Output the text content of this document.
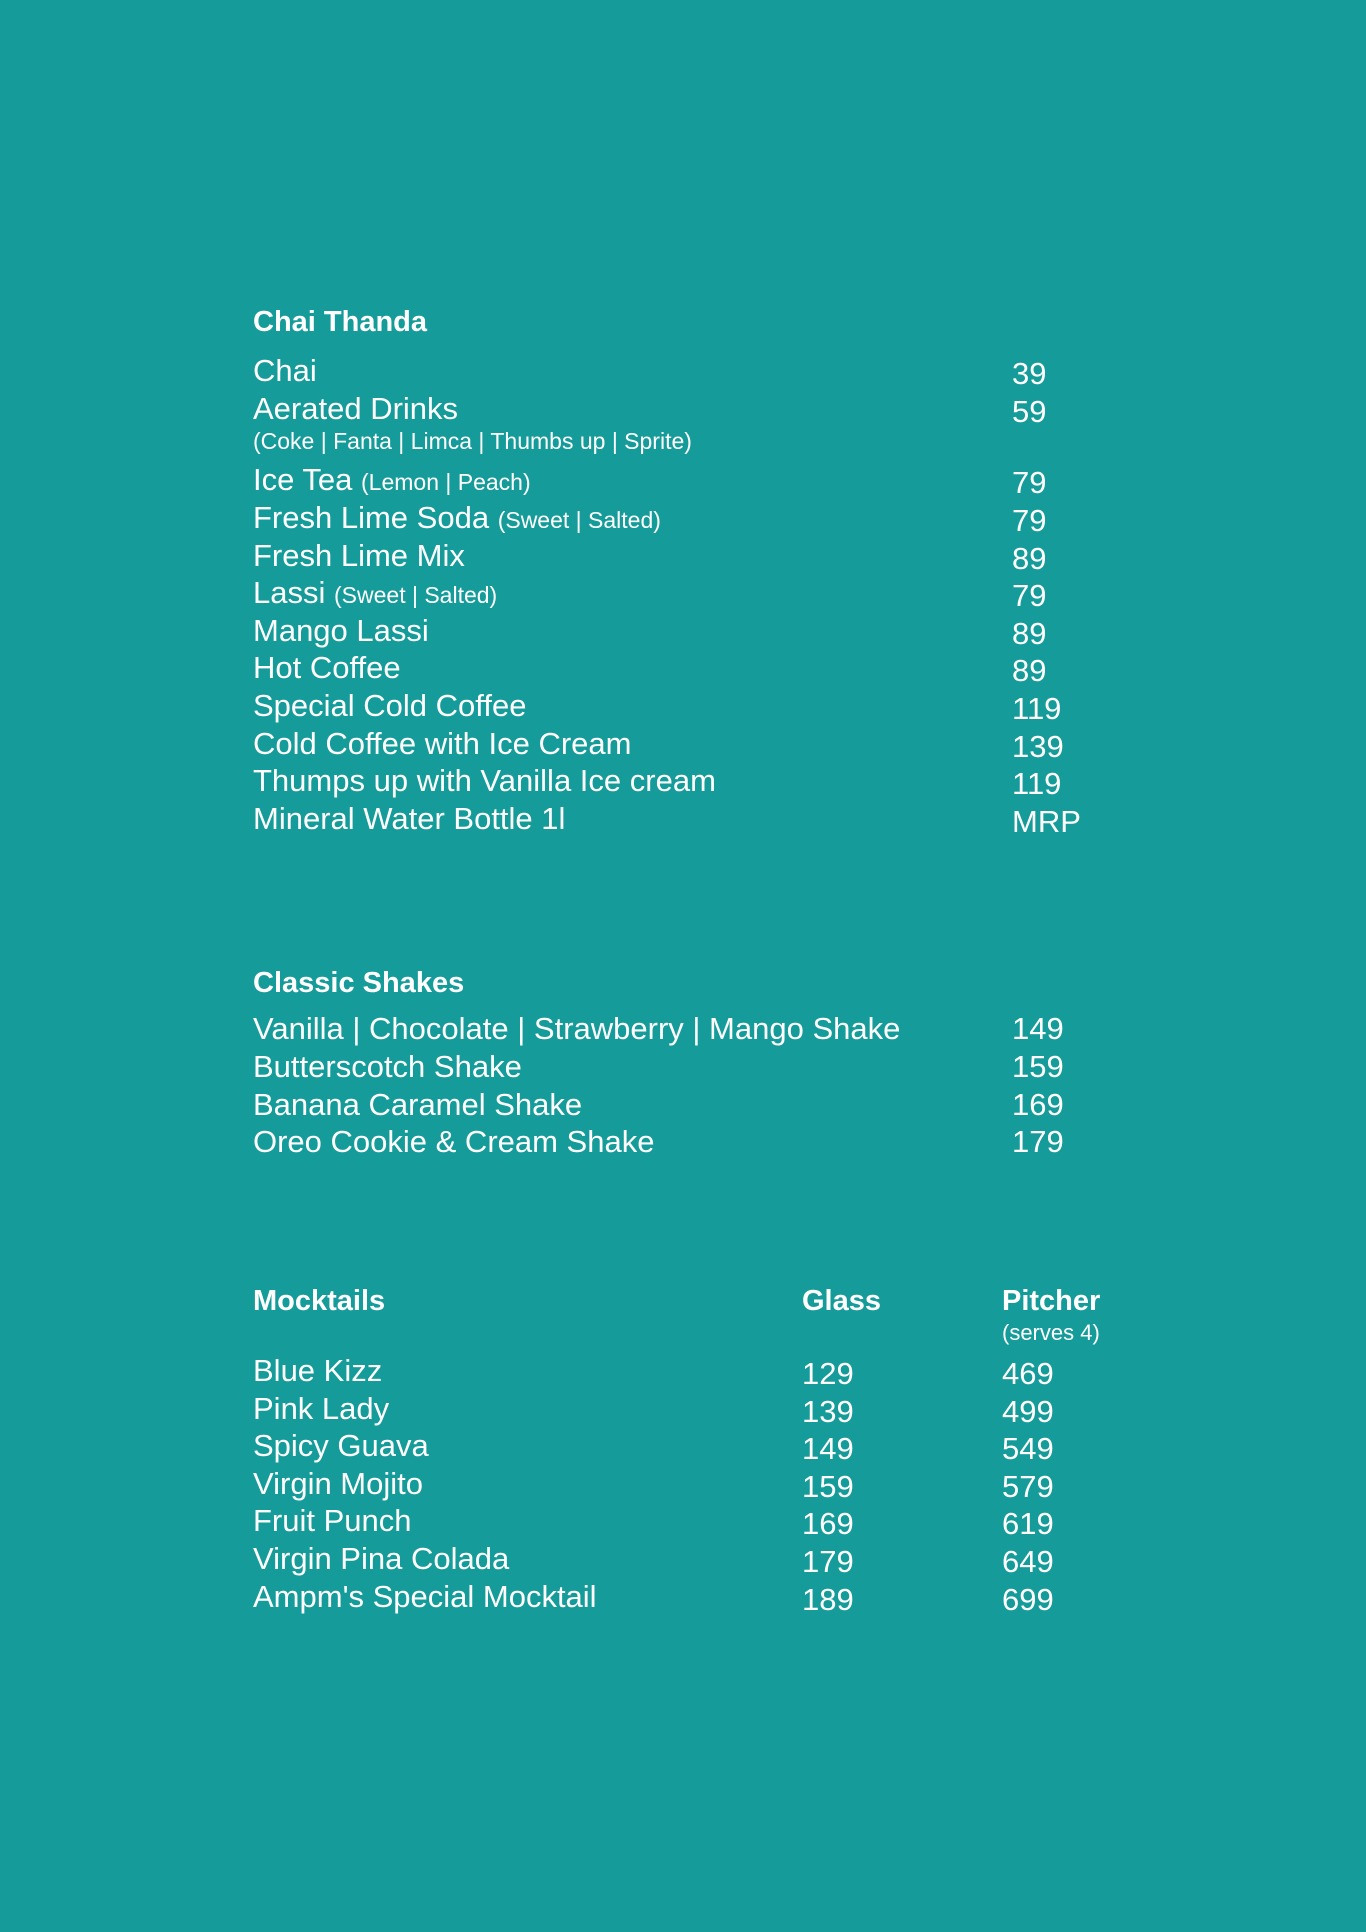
Chai Thanda
Chai	39
Aerated Drinks	59
(Coke | Fanta | Limca | Thumbs up | Sprite)
Ice Tea (Lemon | Peach)	79
Fresh Lime Soda (Sweet | Salted)	79
Fresh Lime Mix	89
Lassi (Sweet | Salted)	79
Mango Lassi	89
Hot Coffee	89
Special Cold Coffee	119
Cold Coffee with Ice Cream	139
Thumps up with Vanilla Ice cream	119
Mineral Water Bottle 1l	MRP
Classic Shakes
Vanilla | Chocolate | Strawberry | Mango Shake	149
Butterscotch Shake	159
Banana Caramel Shake	169
Oreo Cookie & Cream Shake	179
Mocktails	Glass	Pitcher
(serves 4)
Blue Kizz	129	469
Pink Lady	139	499
Spicy Guava	149	549
Virgin Mojito	159	579
Fruit Punch	169	619
Virgin Pina Colada	179	649
Ampm's Special Mocktail	189	699
